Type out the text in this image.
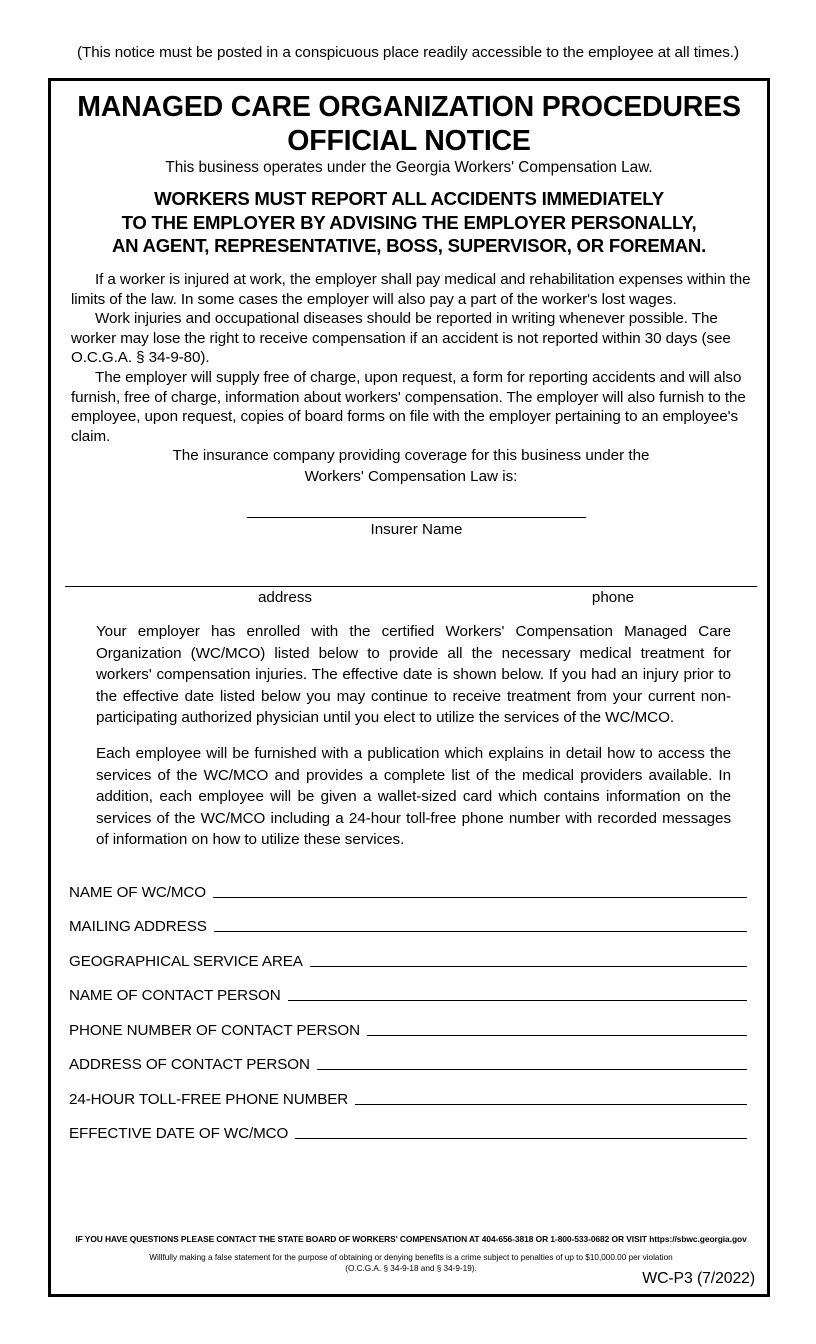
(This notice must be posted in a conspicuous place readily accessible to the employee at all times.)
MANAGED CARE ORGANIZATION PROCEDURES
OFFICIAL NOTICE
This business operates under the Georgia Workers' Compensation Law.
WORKERS MUST REPORT ALL ACCIDENTS IMMEDIATELY
TO THE EMPLOYER BY ADVISING THE EMPLOYER PERSONALLY,
AN AGENT, REPRESENTATIVE, BOSS, SUPERVISOR, OR FOREMAN.

If a worker is injured at work, the employer shall pay medical and rehabilitation expenses within the limits of the law. In some cases the employer will also pay a part of the worker's lost wages.

Work injuries and occupational diseases should be reported in writing whenever possible. The worker may lose the right to receive compensation if an accident is not reported within 30 days (see O.C.G.A. § 34-9-80).

The employer will supply free of charge, upon request, a form for reporting accidents and will also furnish, free of charge, information about workers' compensation. The employer will also furnish to the employee, upon request, copies of board forms on file with the employer pertaining to an employee's claim.

The insurance company providing coverage for this business under the
Workers' Compensation Law is:
Insurer Name
address	phone

Your employer has enrolled with the certified Workers' Compensation Managed Care Organization (WC/MCO) listed below to provide all the necessary medical treatment for workers' compensation injuries. The effective date is shown below. If you had an injury prior to the effective date listed below you may continue to receive treatment from your current non-participating authorized physician until you elect to utilize the services of the WC/MCO.

Each employee will be furnished with a publication which explains in detail how to access the services of the WC/MCO and provides a complete list of the medical providers available. In addition, each employee will be given a wallet-sized card which contains information on the services of the WC/MCO including a 24-hour toll-free phone number with recorded messages of information on how to utilize these services.

NAME OF WC/MCO
MAILING ADDRESS
GEOGRAPHICAL SERVICE AREA
NAME OF CONTACT PERSON
PHONE NUMBER OF CONTACT PERSON
ADDRESS OF CONTACT PERSON
24-HOUR TOLL-FREE PHONE NUMBER
EFFECTIVE DATE OF WC/MCO
IF YOU HAVE QUESTIONS PLEASE CONTACT THE STATE BOARD OF WORKERS' COMPENSATION AT 404-656-3818 OR 1-800-533-0682 OR VISIT https://sbwc.georgia.gov
Willfully making a false statement for the purpose of obtaining or denying benefits is a crime subject to penalties of up to $10,000.00 per violation
(O.C.G.A. § 34-9-18 and § 34-9-19).
WC-P3 (7/2022)
